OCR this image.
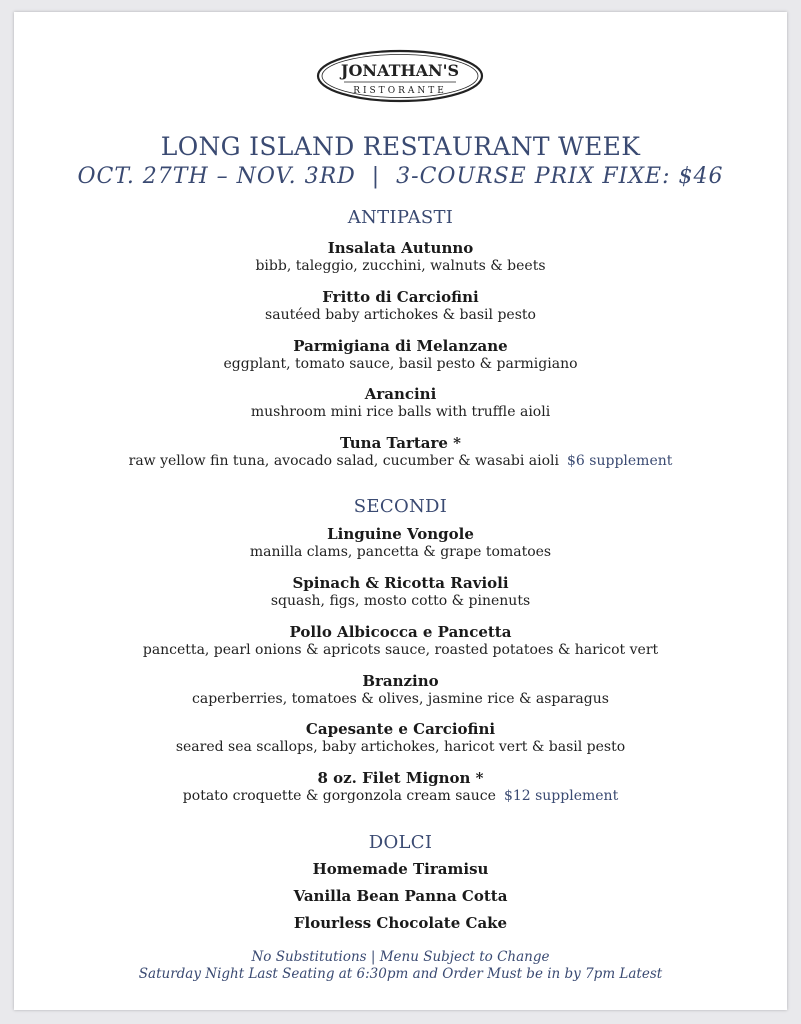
JONATHAN'S
RISTORANTE
LONG ISLAND RESTAURANT WEEK
OCT. 27TH – NOV. 3RD  |  3-COURSE PRIX FIXE: $46
ANTIPASTI
Insalata Autunno
bibb, taleggio, zucchini, walnuts & beets
Fritto di Carciofini
sautéed baby artichokes & basil pesto
Parmigiana di Melanzane
eggplant, tomato sauce, basil pesto & parmigiano
Arancini
mushroom mini rice balls with truffle aioli
Tuna Tartare *
raw yellow fin tuna, avocado salad, cucumber & wasabi aioli $6 supplement
SECONDI
Linguine Vongole
manilla clams, pancetta & grape tomatoes
Spinach & Ricotta Ravioli
squash, figs, mosto cotto & pinenuts
Pollo Albicocca e Pancetta
pancetta, pearl onions & apricots sauce, roasted potatoes & haricot vert
Branzino
caperberries, tomatoes & olives, jasmine rice & asparagus
Capesante e Carciofini
seared sea scallops, baby artichokes, haricot vert & basil pesto
8 oz. Filet Mignon *
potato croquette & gorgonzola cream sauce $12 supplement
DOLCI
Homemade Tiramisu
Vanilla Bean Panna Cotta
Flourless Chocolate Cake
No Substitutions | Menu Subject to Change
Saturday Night Last Seating at 6:30pm and Order Must be in by 7pm Latest
